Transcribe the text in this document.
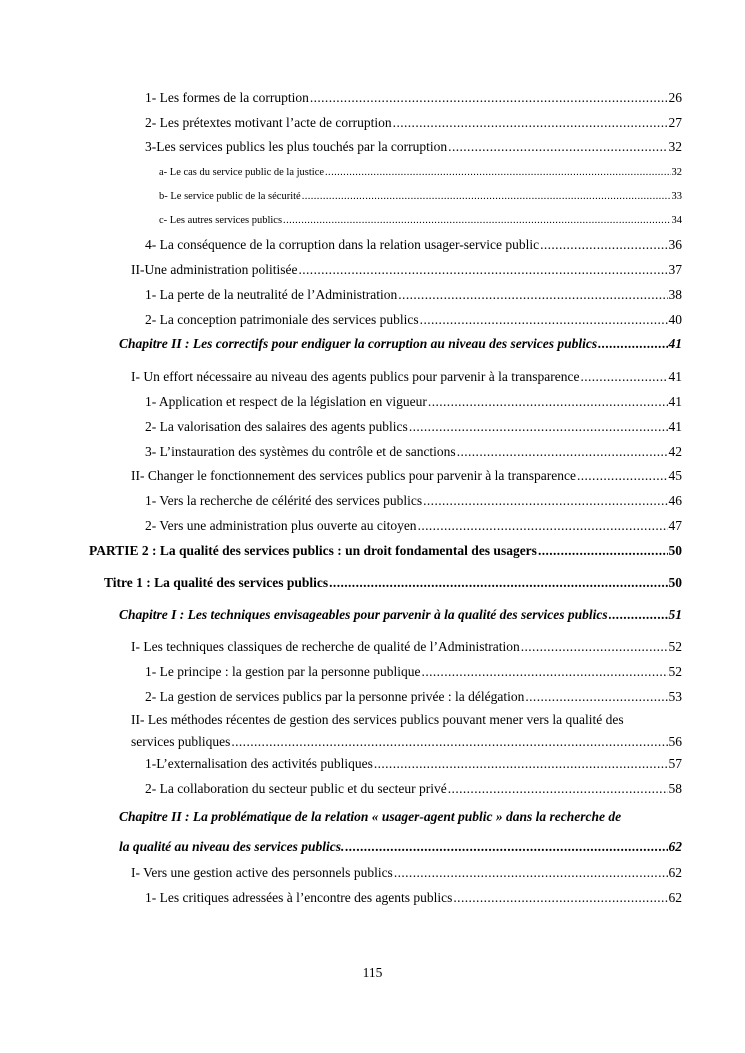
1- Les formes de la corruption .....	26
2- Les prétextes motivant l’acte de corruption .....	27
3-Les services publics les plus touchés par la corruption .....	32
a- Le cas du service public de la justice .....	32
b- Le service public de la sécurité .....	33
c- Les autres services publics .....	34
4- La conséquence de la corruption dans la relation usager-service public .....	36
II-Une administration politisée .....	37
1- La perte de la neutralité de l’Administration .....	38
2- La conception patrimoniale des services publics .....	40
Chapitre II : Les correctifs pour endiguer la corruption au niveau des services publics .....	41
I- Un effort nécessaire au niveau des agents publics pour parvenir à la transparence .....	41
1- Application et respect de la législation en vigueur .....	41
2- La valorisation des salaires des agents publics .....	41
3- L’instauration des systèmes du contrôle et de sanctions .....	42
II- Changer le fonctionnement des services publics pour parvenir à la transparence .....	45
1- Vers la recherche de célérité des services publics .....	46
2- Vers une administration plus ouverte au citoyen .....	47
PARTIE 2 : La qualité des services publics : un droit fondamental des usagers .....	50
Titre 1 : La qualité des services publics .....	50
Chapitre I : Les techniques envisageables pour parvenir à la qualité des services publics .....	51
I- Les techniques classiques de recherche de qualité de l’Administration .....	52
1- Le principe : la gestion par la personne publique .....	52
2- La gestion de services publics par la personne privée : la délégation .....	53
II- Les méthodes récentes de gestion des services publics pouvant mener vers la qualité des
services publiques .....	56
1-L’externalisation des activités publiques .....	57
2- La collaboration du secteur public et du secteur privé .....	58
Chapitre II : La problématique de la relation « usager-agent public » dans la recherche de
la qualité au niveau des services publics. .....	62
I- Vers une gestion active des personnels publics .....	62
1- Les critiques adressées à l’encontre des agents publics .....	62
115
